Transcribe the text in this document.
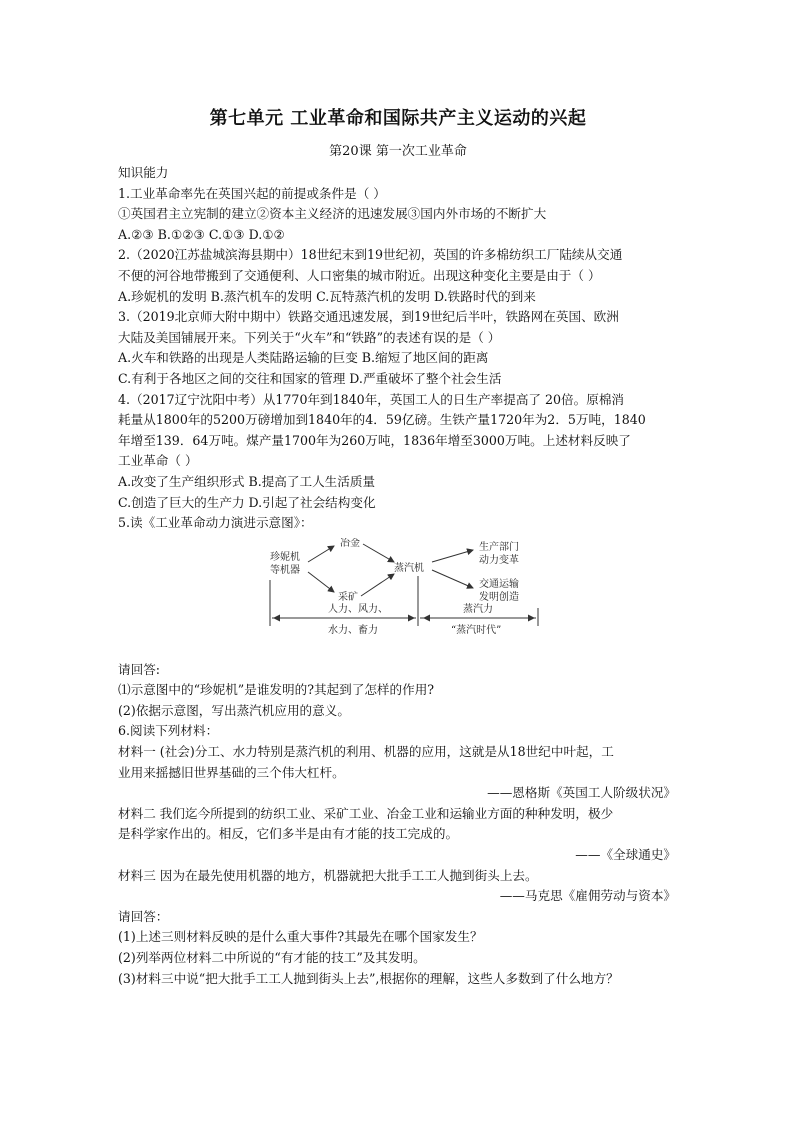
第七单元 工业革命和国际共产主义运动的兴起
第20课 第一次工业革命
知识能力
1.工业革命率先在英国兴起的前提或条件是（ ）
①英国君主立宪制的建立②资本主义经济的迅速发展③国内外市场的不断扩大
A.②③ B.①②③ C.①③ D.①②
2.（2020江苏盐城滨海县期中）18世纪末到19世纪初，英国的许多棉纺织工厂陆续从交通
不便的河谷地带搬到了交通便利、人口密集的城市附近。出现这种变化主要是由于（ ）
A.珍妮机的发明 B.蒸汽机车的发明 C.瓦特蒸汽机的发明 D.铁路时代的到来
3.（2019北京师大附中期中）铁路交通迅速发展，到19世纪后半叶，铁路网在英国、欧洲
大陆及美国铺展开来。下列关于“火车”和“铁路”的表述有误的是（ ）
A.火车和铁路的出现是人类陆路运输的巨变 B.缩短了地区间的距离
C.有利于各地区之间的交往和国家的管理 D.严重破坏了整个社会生活
4.（2017辽宁沈阳中考）从1770年到1840年，英国工人的日生产率提高了 20倍。原棉消
耗量从1800年的5200万磅增加到1840年的4．59亿磅。生铁产量1720年为2．5万吨，1840
年增至139．64万吨。煤产量1700年为260万吨，1836年增至3000万吨。上述材料反映了
工业革命（ ）
A.改变了生产组织形式 B.提高了工人生活质量
C.创造了巨大的生产力 D.引起了社会结构变化
5.读《工业革命动力演进示意图》：
珍妮机
等机器
冶金
采矿
蒸汽机
生产部门
动力变革
交通运输
发明创造
人力、风力、
水力、畜力
蒸汽力
“蒸汽时代”
请回答:
⑴示意图中的“珍妮机”是谁发明的?其起到了怎样的作用?
(2)依据示意图，写出蒸汽机应用的意义。
6.阅读下列材料：
材料一 (社会)分工、水力特别是蒸汽机的利用、机器的应用，这就是从18世纪中叶起，工
业用来摇撼旧世界基础的三个伟大杠杆。
——恩格斯《英国工人阶级状况》
材料二 我们迄今所提到的纺织工业、采矿工业、冶金工业和运输业方面的种种发明，极少
是科学家作出的。相反，它们多半是由有才能的技工完成的。
——《全球通史》
材料三 因为在最先使用机器的地方，机器就把大批手工工人抛到街头上去。
——马克思《雇佣劳动与资本》
请回答：
(1)上述三则材料反映的是什么重大事件?其最先在哪个国家发生？
(2)列举两位材料二中所说的“有才能的技工”及其发明。
(3)材料三中说“把大批手工工人抛到街头上去”,根据你的理解，这些人多数到了什么地方？
